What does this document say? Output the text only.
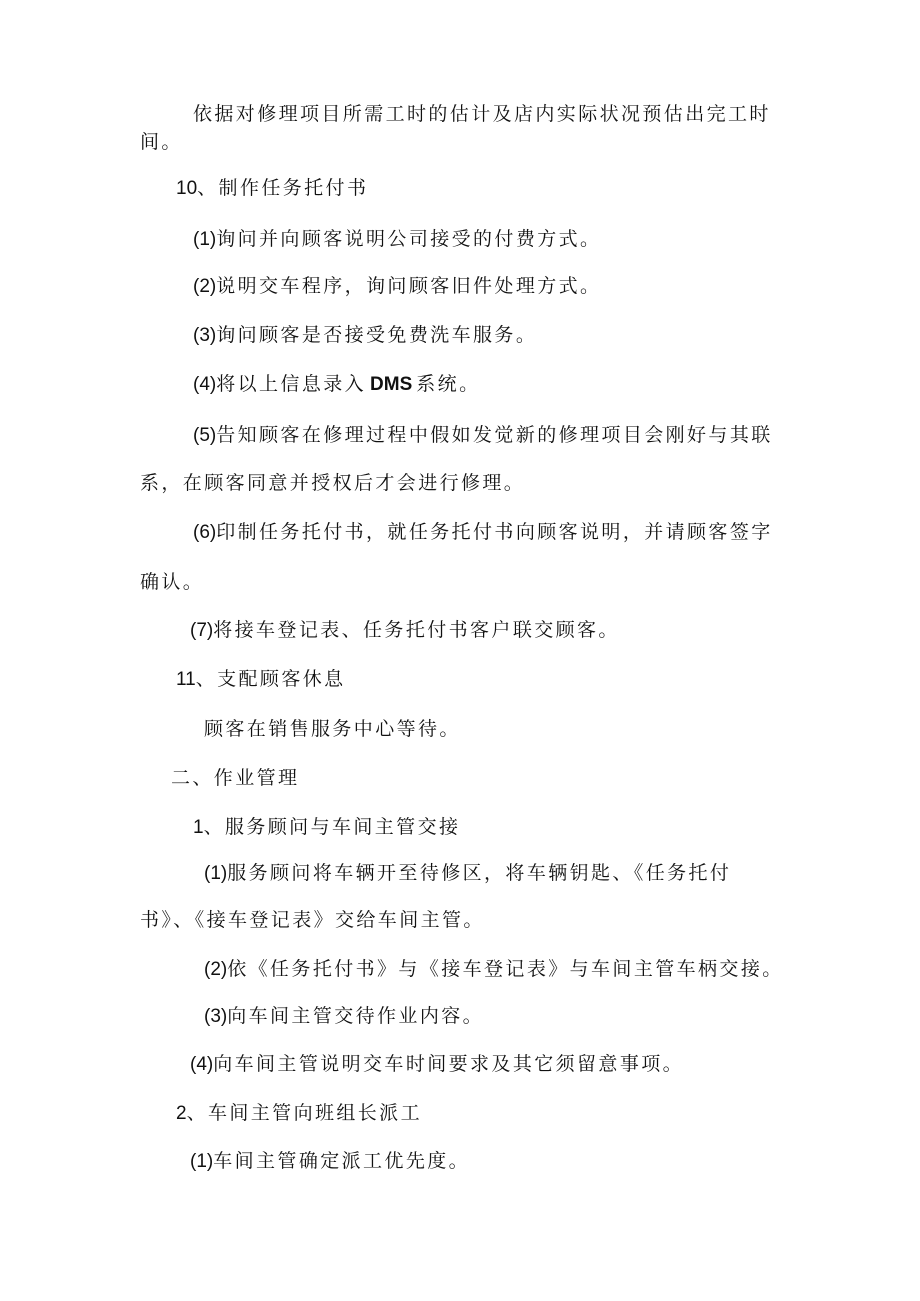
依据对修理项目所需工时的估计及店内实际状况预估出完工时

间。

10、制作任务托付书

(1)询问并向顾客说明公司接受的付费方式。

(2)说明交车程序，询问顾客旧件处理方式。

(3)询问顾客是否接受免费洗车服务。

(4)将以上信息录入 DMS 系统。

(5)告知顾客在修理过程中假如发觉新的修理项目会刚好与其联

系，在顾客同意并授权后才会进行修理。

(6)印制任务托付书，就任务托付书向顾客说明，并请顾客签字

确认。

(7)将接车登记表、任务托付书客户联交顾客。

11、支配顾客休息

顾客在销售服务中心等待。

二、作业管理

1、服务顾问与车间主管交接

(1)服务顾问将车辆开至待修区，将车辆钥匙、《任务托付

书》、《接车登记表》交给车间主管。

(2)依《任务托付书》与《接车登记表》与车间主管车柄交接。

(3)向车间主管交待作业内容。

(4)向车间主管说明交车时间要求及其它须留意事项。

2、车间主管向班组长派工

(1)车间主管确定派工优先度。
